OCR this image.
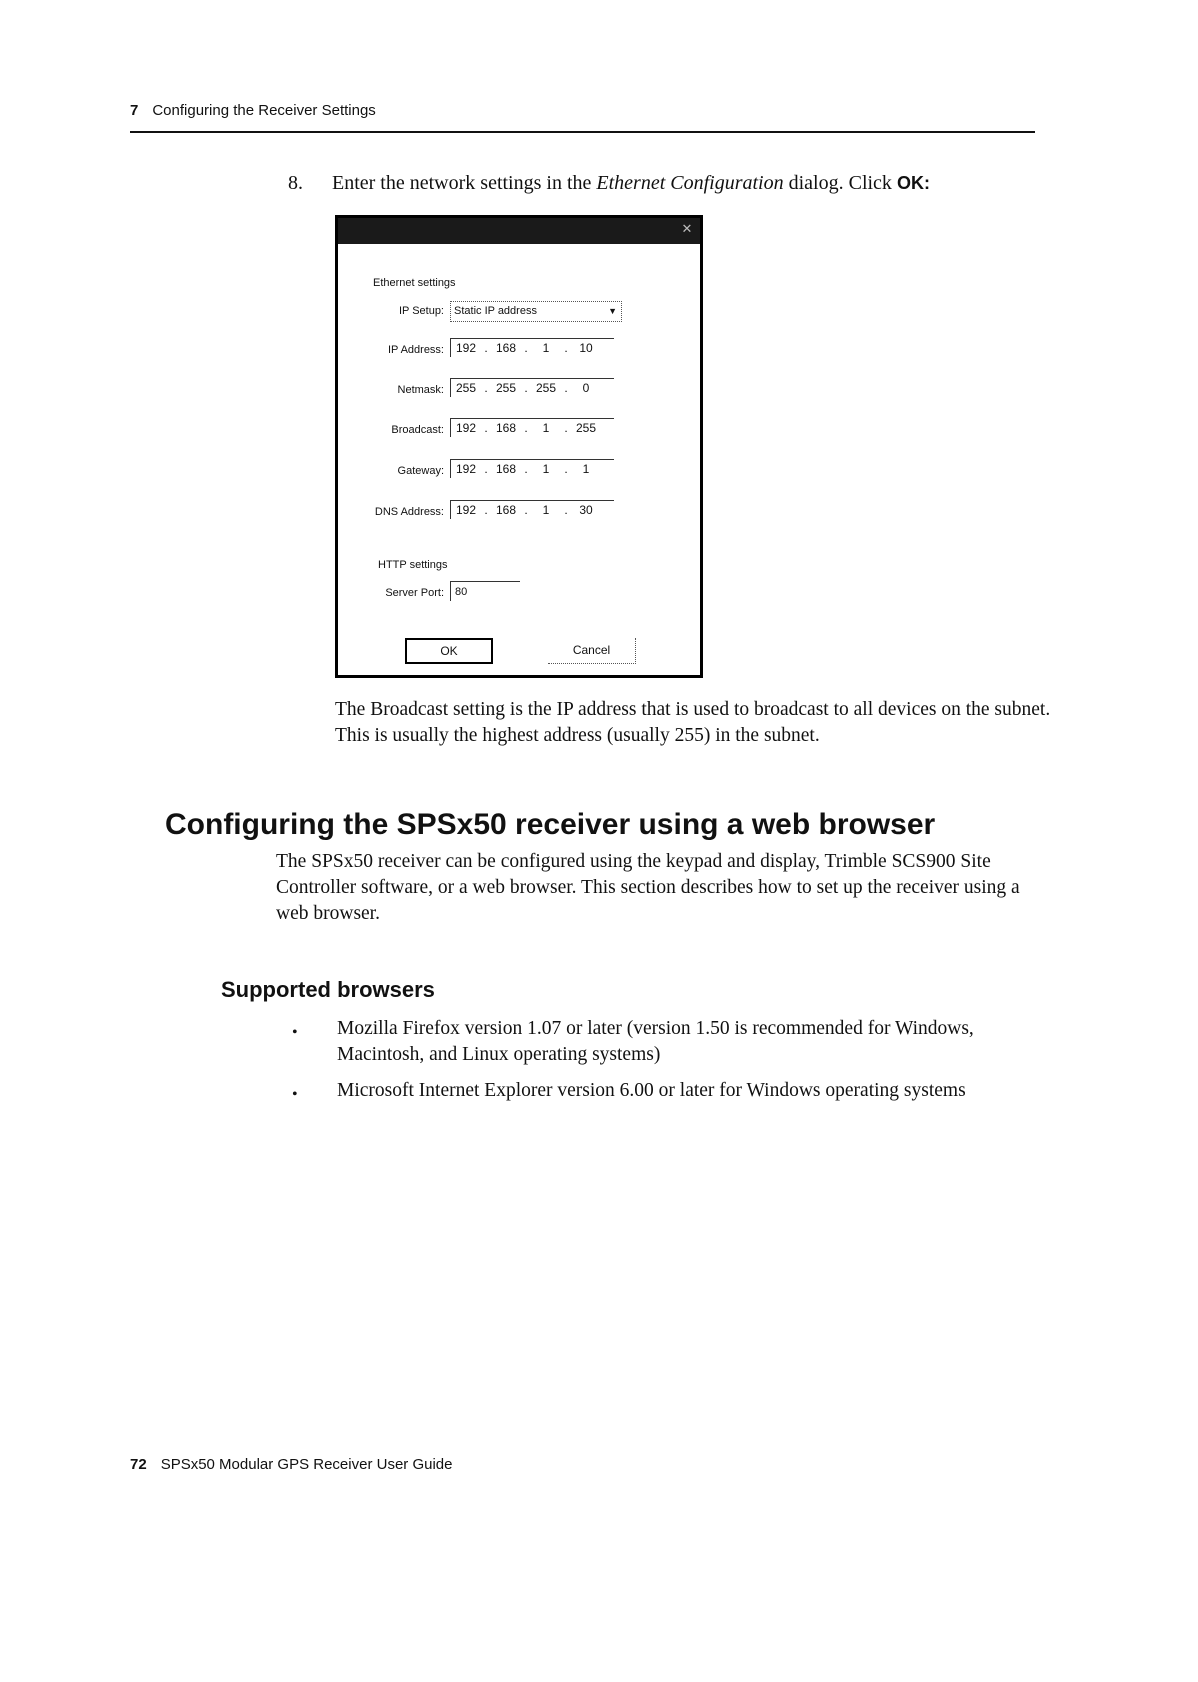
7 Configuring the Receiver Settings
8. Enter the network settings in the Ethernet Configuration dialog. Click OK:
✕
Ethernet settings
IP Setup: Static IP address	▼
IP Address: 192 . 168 . 1 . 10
Netmask: 255 . 255 . 255 . 0
Broadcast: 192 . 168 . 1 . 255
Gateway: 192 . 168 . 1 . 1
DNS Address: 192 . 168 . 1 . 30
HTTP settings
Server Port:	80
OK	Cancel
The Broadcast setting is the IP address that is used to broadcast to all devices on the subnet. This is usually the highest address (usually 255) in the subnet.
Configuring the SPSx50 receiver using a web browser
The SPSx50 receiver can be configured using the keypad and display, Trimble SCS900 Site Controller software, or a web browser. This section describes how to set up the receiver using a web browser.
Supported browsers
• Mozilla Firefox version 1.07 or later (version 1.50 is recommended for Windows, Macintosh, and Linux operating systems)
• Microsoft Internet Explorer version 6.00 or later for Windows operating systems
72 SPSx50 Modular GPS Receiver User Guide
